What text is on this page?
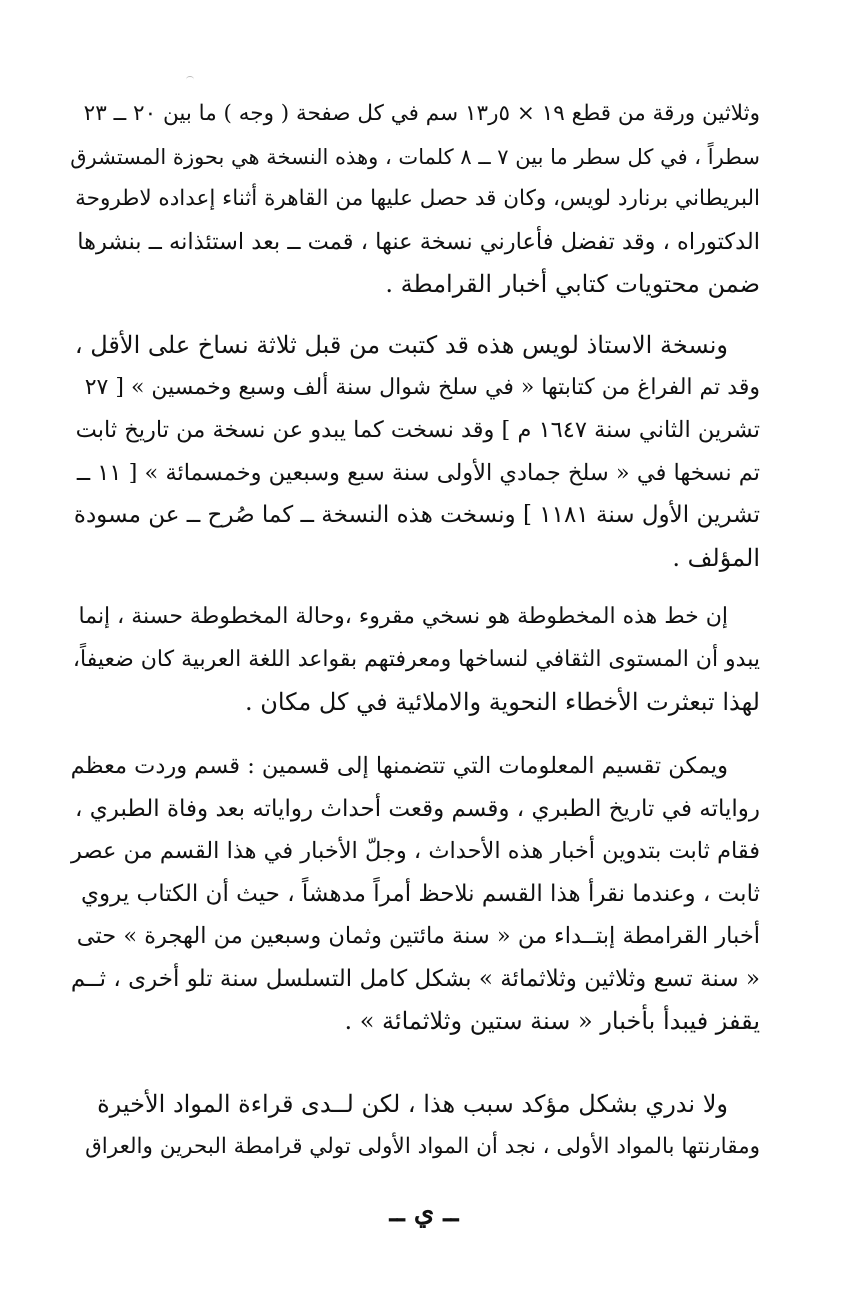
وثلاثين ورقة من قطع ١٩ × ٥ر١٣ سم في كل صفحة ( وجه ) ما بين ٢٠ ــ ٢٣
سطراً ، في كل سطر ما بين ٧ ــ ٨ كلمات ، وهذه النسخة هي بحوزة المستشرق
البريطاني برنارد لويس، وكان قد حصل عليها من القاهرة أثناء إعداده لاطروحة
الدكتوراه ، وقد تفضل فأعارني نسخة عنها ، قمت ــ بعد استئذانه ــ بنشرها
ضمن محتويات كتابي أخبار القرامطة .

ونسخة الاستاذ لويس هذه قد كتبت من قبل ثلاثة نساخ على الأقل ،
وقد تم الفراغ من كتابتها « في سلخ شوال سنة ألف وسبع وخمسين » [ ٢٧
تشرين الثاني سنة ١٦٤٧ م ] وقد نسخت كما يبدو عن نسخة من تاريخ ثابت
تم نسخها في « سلخ جمادي الأولى سنة سبع وسبعين وخمسمائة » [ ١١ ــ
تشرين الأول سنة ١١٨١ ] ونسخت هذه النسخة ــ كما صُرح ــ عن مسودة
المؤلف .

إن خط هذه المخطوطة هو نسخي مقروء ،وحالة المخطوطة حسنة ، إنما
يبدو أن المستوى الثقافي لنساخها ومعرفتهم بقواعد اللغة العربية كان ضعيفاً،
لهذا تبعثرت الأخطاء النحوية والاملائية في كل مكان .

ويمكن تقسيم المعلومات التي تتضمنها إلى قسمين : قسم وردت معظم
رواياته في تاريخ الطبري ، وقسم وقعت أحداث رواياته بعد وفاة الطبري ،
فقام ثابت بتدوين أخبار هذه الأحداث ، وجلّ الأخبار في هذا القسم من عصر
ثابت ، وعندما نقرأ هذا القسم نلاحظ أمراً مدهشاً ، حيث أن الكتاب يروي
أخبار القرامطة إبتــداء من « سنة مائتين وثمان وسبعين من الهجرة » حتى
« سنة تسع وثلاثين وثلاثمائة » بشكل كامل التسلسل سنة تلو أخرى ، ثــم
يقفز فيبدأ بأخبار « سنة ستين وثلاثمائة » .

ولا ندري بشكل مؤكد سبب هذا ، لكن لــدى قراءة المواد الأخيرة
ومقارنتها بالمواد الأولى ، نجد أن المواد الأولى تولي قرامطة البحرين والعراق

ــ ي ــ
